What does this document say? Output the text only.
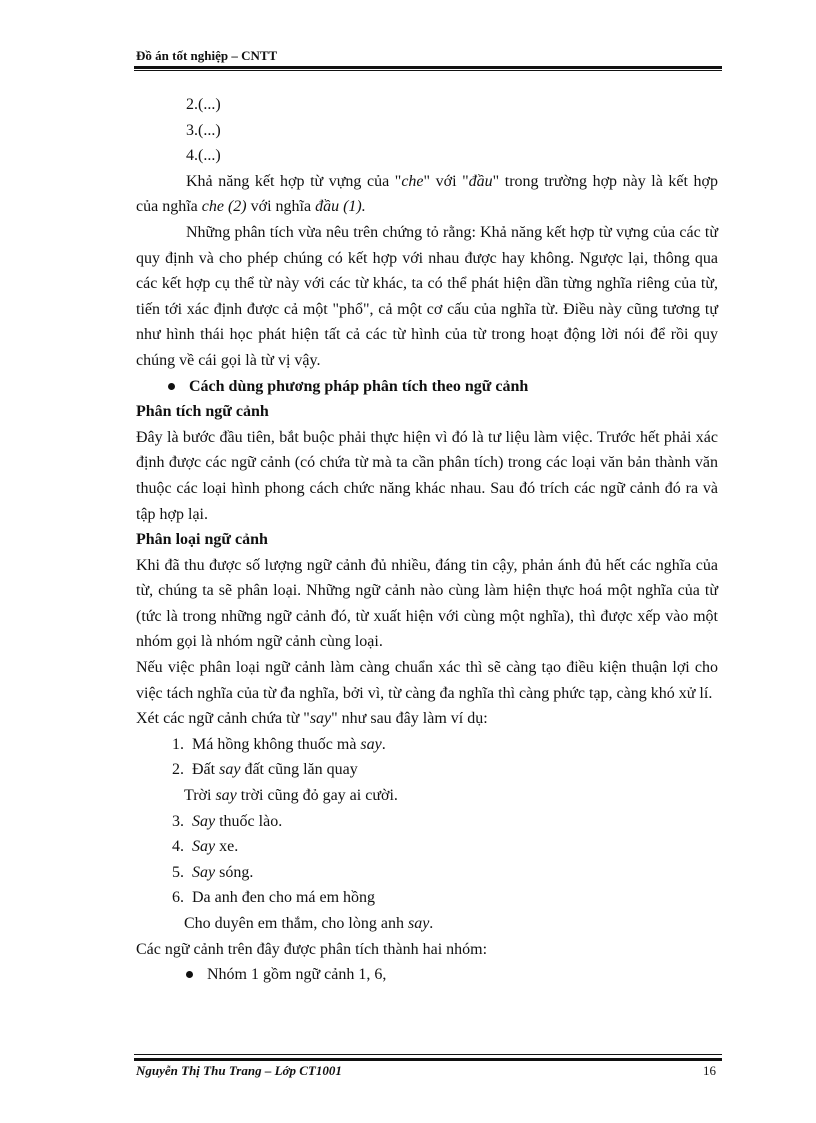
Đồ án tốt nghiệp – CNTT

2.(...)

3.(...)

4.(...)

Khả năng kết hợp từ vựng của "che" với "đầu" trong trường hợp này là kết hợp của nghĩa che (2) với nghĩa đầu (1).

Những phân tích vừa nêu trên chứng tỏ rằng: Khả năng kết hợp từ vựng của các từ quy định và cho phép chúng có kết hợp với nhau được hay không. Ngược lại, thông qua các kết hợp cụ thể từ này với các từ khác, ta có thể phát hiện dần từng nghĩa riêng của từ, tiến tới xác định được cả một "phổ", cả một cơ cấu của nghĩa từ. Điều này cũng tương tự như hình thái học phát hiện tất cả các từ hình của từ trong hoạt động lời nói để rồi quy chúng về cái gọi là từ vị vậy.

Cách dùng phương pháp phân tích theo ngữ cảnh

Phân tích ngữ cảnh

Đây là bước đầu tiên, bắt buộc phải thực hiện vì đó là tư liệu làm việc. Trước hết phải xác định được các ngữ cảnh (có chứa từ mà ta cần phân tích) trong các loại văn bản thành văn thuộc các loại hình phong cách chức năng khác nhau. Sau đó trích các ngữ cảnh đó ra và tập hợp lại.

Phân loại ngữ cảnh

Khi đã thu được số lượng ngữ cảnh đủ nhiều, đáng tin cậy, phản ánh đủ hết các nghĩa của từ, chúng ta sẽ phân loại. Những ngữ cảnh nào cùng làm hiện thực hoá một nghĩa của từ (tức là trong những ngữ cảnh đó, từ xuất hiện với cùng một nghĩa), thì được xếp vào một nhóm gọi là nhóm ngữ cảnh cùng loại.

Nếu việc phân loại ngữ cảnh làm càng chuẩn xác thì sẽ càng tạo điều kiện thuận lợi cho việc tách nghĩa của từ đa nghĩa, bởi vì, từ càng đa nghĩa thì càng phức tạp, càng khó xử lí.

Xét các ngữ cảnh chứa từ "say" như sau đây làm ví dụ:

1. Má hồng không thuốc mà say.
2. Đất say đất cũng lăn quay
Trời say trời cũng đỏ gay ai cười.
3. Say thuốc lào.
4. Say xe.
5. Say sóng.
6. Da anh đen cho má em hồng
Cho duyên em thắm, cho lòng anh say.

Các ngữ cảnh trên đây được phân tích thành hai nhóm:

Nhóm 1 gồm ngữ cảnh 1, 6,
Nguyễn Thị Thu Trang – Lớp CT1001	16
